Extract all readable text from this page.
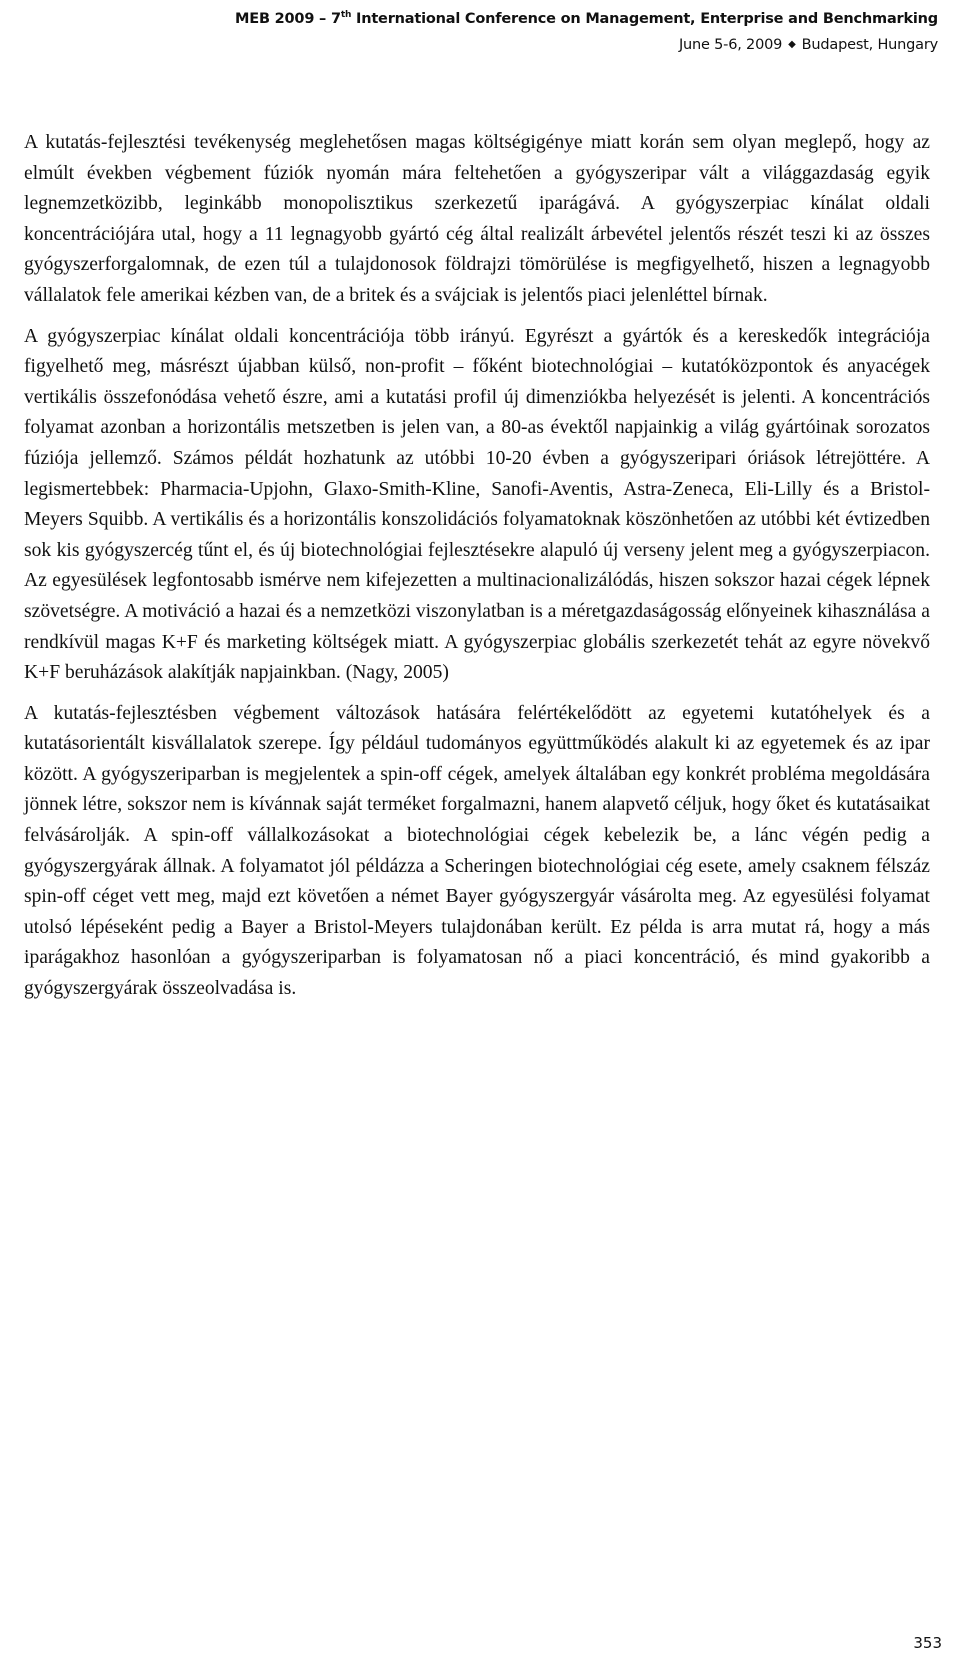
MEB 2009 – 7th International Conference on Management, Enterprise and Benchmarking
June 5-6, 2009 ◆ Budapest, Hungary

A kutatás-fejlesztési tevékenység meglehetősen magas költségigénye miatt korán sem olyan meglepő, hogy az elmúlt években végbement fúziók nyomán mára feltehetően a gyógyszeripar vált a világgazdaság egyik legnemzetközibb, leginkább monopolisztikus szerkezetű iparágává. A gyógyszerpiac kínálat oldali koncentrációjára utal, hogy a 11 legnagyobb gyártó cég által realizált árbevétel jelentős részét teszi ki az összes gyógyszerforgalomnak, de ezen túl a tulajdonosok földrajzi tömörülése is megfigyelhető, hiszen a legnagyobb vállalatok fele amerikai kézben van, de a britek és a svájciak is jelentős piaci jelenléttel bírnak.

A gyógyszerpiac kínálat oldali koncentrációja több irányú. Egyrészt a gyártók és a kereskedők integrációja figyelhető meg, másrészt újabban külső, non-profit – főként biotechnológiai – kutatóközpontok és anyacégek vertikális összefonódása vehető észre, ami a kutatási profil új dimenziókba helyezését is jelenti. A koncentrációs folyamat azonban a horizontális metszetben is jelen van, a 80-as évektől napjainkig a világ gyártóinak sorozatos fúziója jellemző. Számos példát hozhatunk az utóbbi 10-20 évben a gyógyszeripari óriások létrejöttére. A legismertebbek: Pharmacia-Upjohn, Glaxo-Smith-Kline, Sanofi-Aventis, Astra-Zeneca, Eli-Lilly és a Bristol-Meyers Squibb. A vertikális és a horizontális konszolidációs folyamatoknak köszönhetően az utóbbi két évtizedben sok kis gyógyszercég tűnt el, és új biotechnológiai fejlesztésekre alapuló új verseny jelent meg a gyógyszerpiacon. Az egyesülések legfontosabb ismérve nem kifejezetten a multinacionalizálódás, hiszen sokszor hazai cégek lépnek szövetségre. A motiváció a hazai és a nemzetközi viszonylatban is a méretgazdaságosság előnyeinek kihasználása a rendkívül magas K+F és marketing költségek miatt. A gyógyszerpiac globális szerkezetét tehát az egyre növekvő K+F beruházások alakítják napjainkban. (Nagy, 2005)

A kutatás-fejlesztésben végbement változások hatására felértékelődött az egyetemi kutatóhelyek és a kutatásorientált kisvállalatok szerepe. Így például tudományos együttműködés alakult ki az egyetemek és az ipar között. A gyógyszeriparban is megjelentek a spin-off cégek, amelyek általában egy konkrét probléma megoldására jönnek létre, sokszor nem is kívánnak saját terméket forgalmazni, hanem alapvető céljuk, hogy őket és kutatásaikat felvásárolják. A spin-off vállalkozásokat a biotechnológiai cégek kebelezik be, a lánc végén pedig a gyógyszergyárak állnak. A folyamatot jól példázza a Scheringen biotechnológiai cég esete, amely csaknem félszáz spin-off céget vett meg, majd ezt követően a német Bayer gyógyszergyár vásárolta meg. Az egyesülési folyamat utolsó lépéseként pedig a Bayer a Bristol-Meyers tulajdonában került. Ez példa is arra mutat rá, hogy a más iparágakhoz hasonlóan a gyógyszeriparban is folyamatosan nő a piaci koncentráció, és mind gyakoribb a gyógyszergyárak összeolvadása is.

353
